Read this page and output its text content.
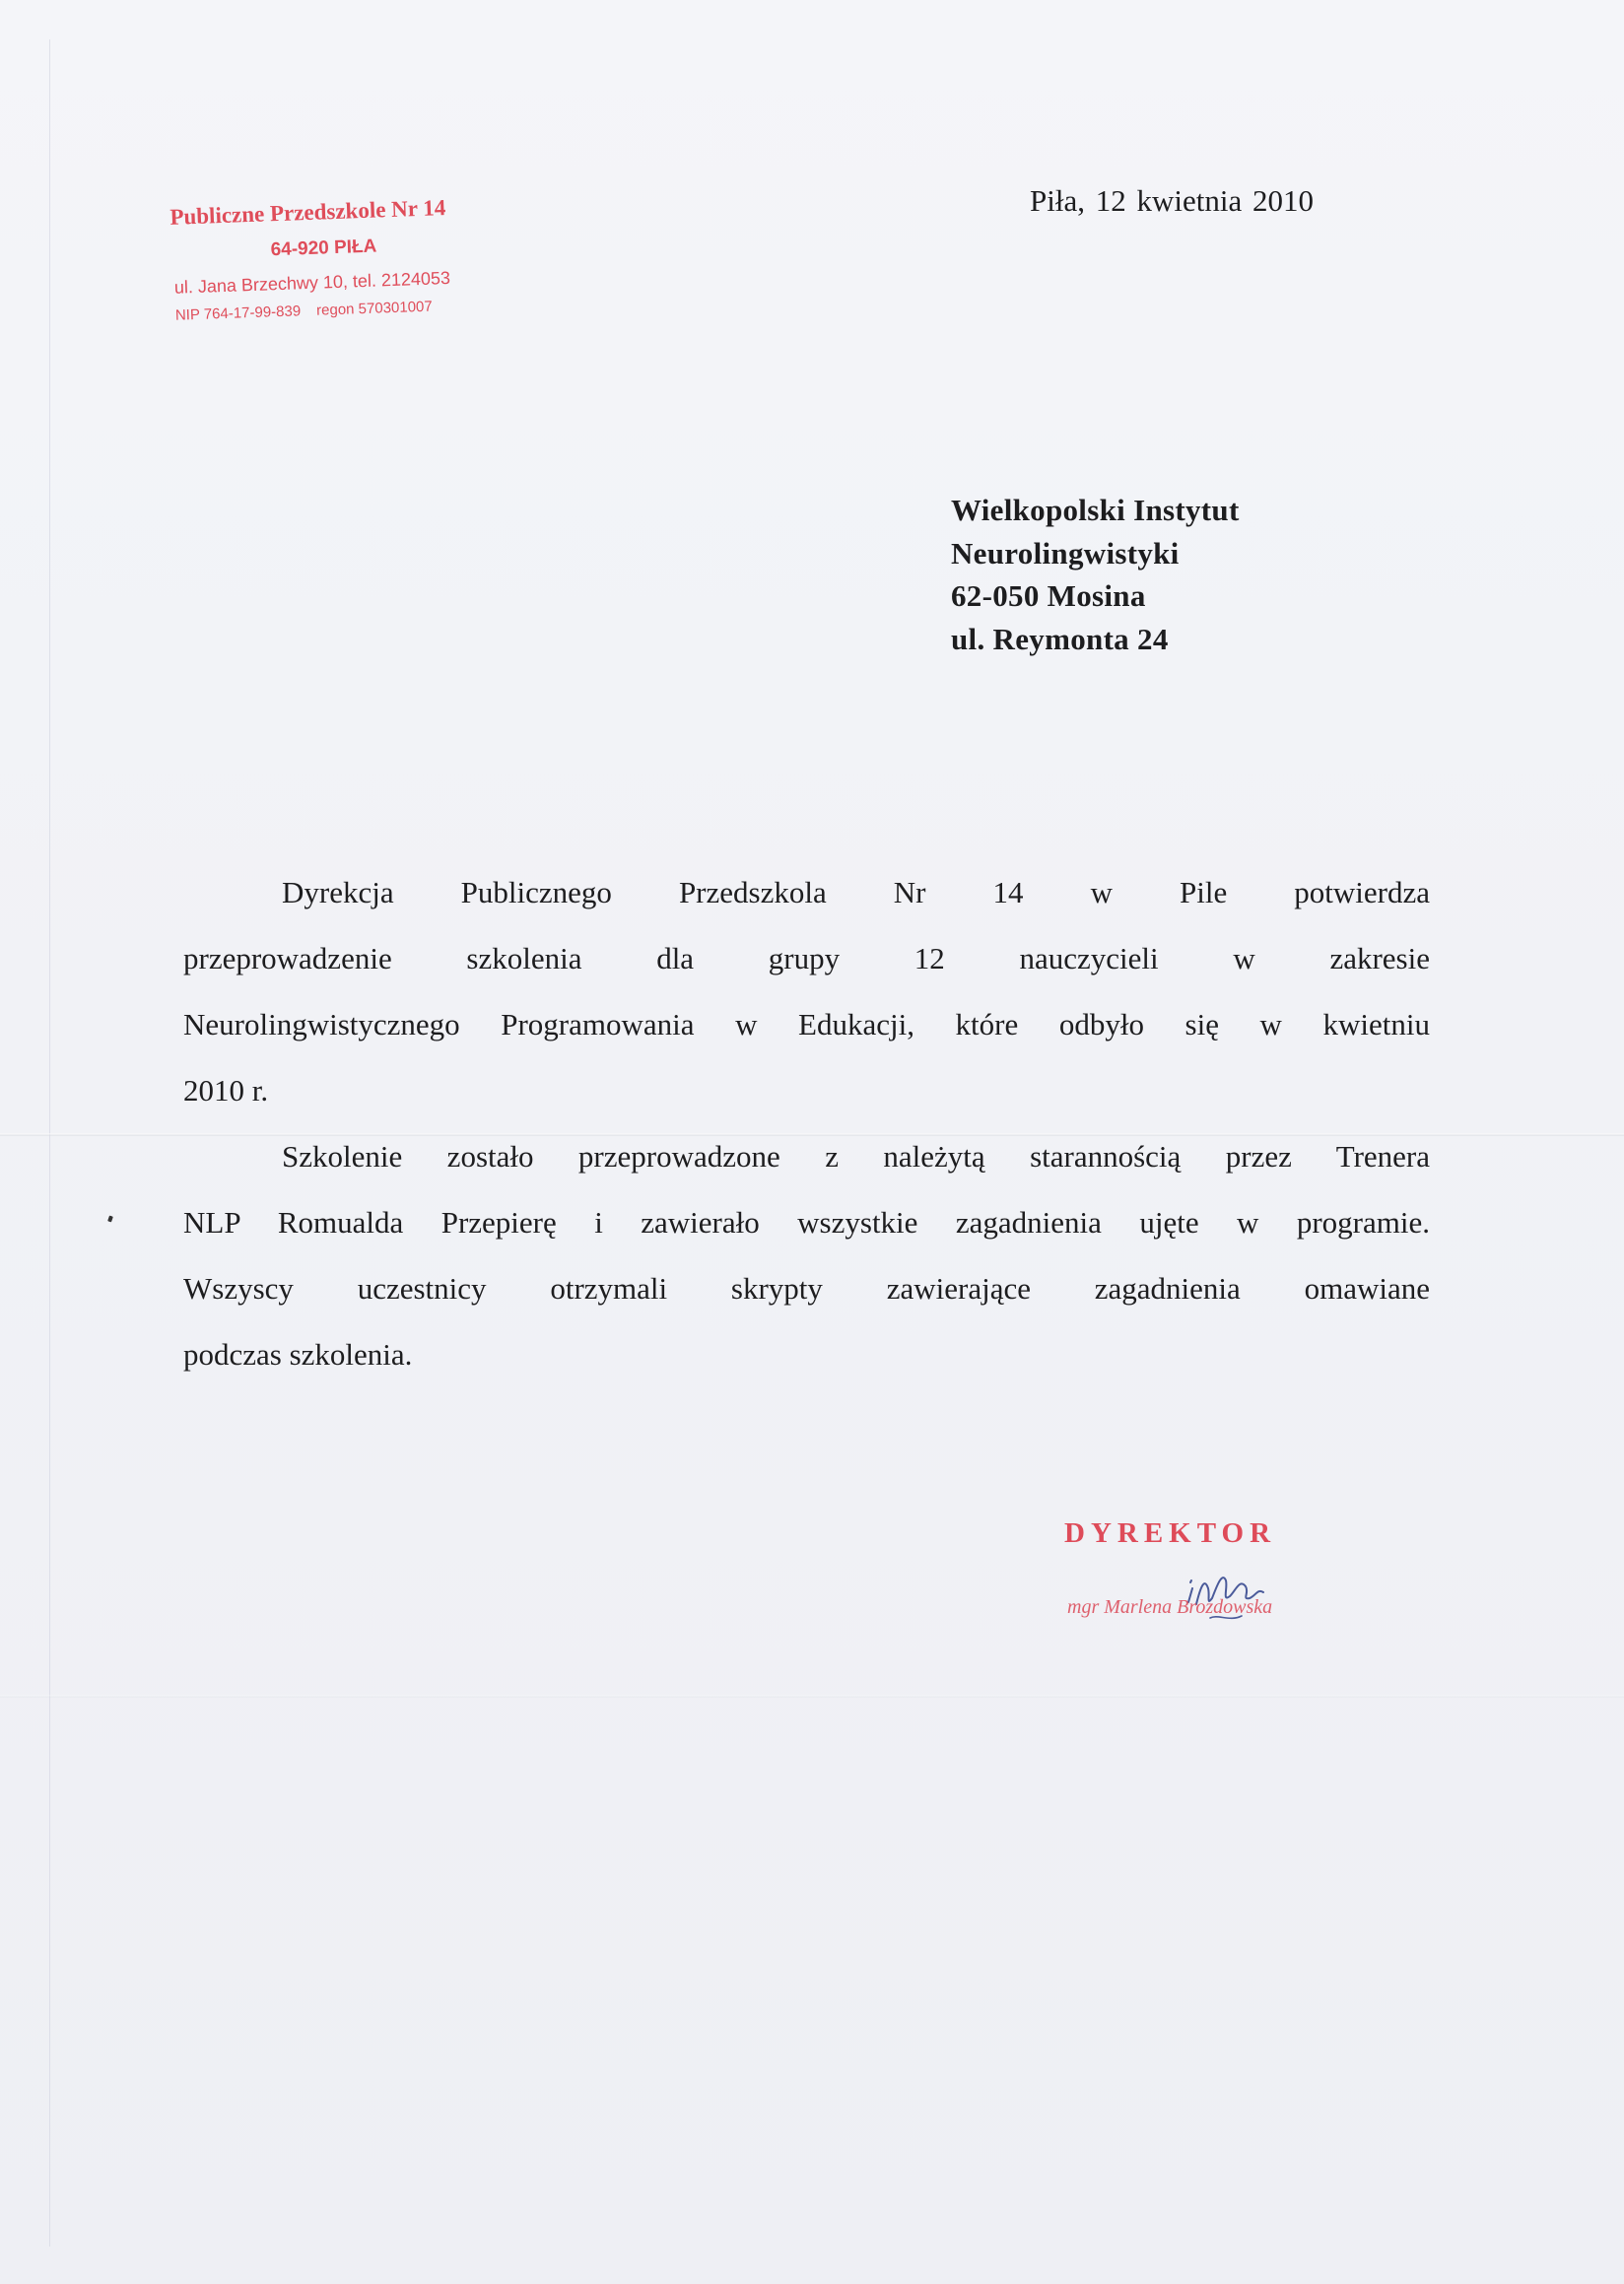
Publiczne Przedszkole Nr 14
64-920 PIŁA
ul. Jana Brzechwy 10, tel. 2124053
NIP 764-17-99-839 regon 570301007
Piła, 12 kwietnia 2010
Wielkopolski Instytut
Neurolingwistyki
62-050 Mosina
ul. Reymonta 24
Dyrekcja Publicznego Przedszkola Nr 14 w Pile potwierdza
przeprowadzenie szkolenia dla grupy 12 nauczycieli w zakresie
Neurolingwistycznego Programowania w Edukacji, które odbyło się w kwietniu
2010 r.
Szkolenie zostało przeprowadzone z należytą starannością przez Trenera
NLP Romualda Przepierę i zawierało wszystkie zagadnienia ujęte w programie.
Wszyscy uczestnicy otrzymali skrypty zawierające zagadnienia omawiane
podczas szkolenia.
DYREKTOR
mgr Marlena Brozdowska
